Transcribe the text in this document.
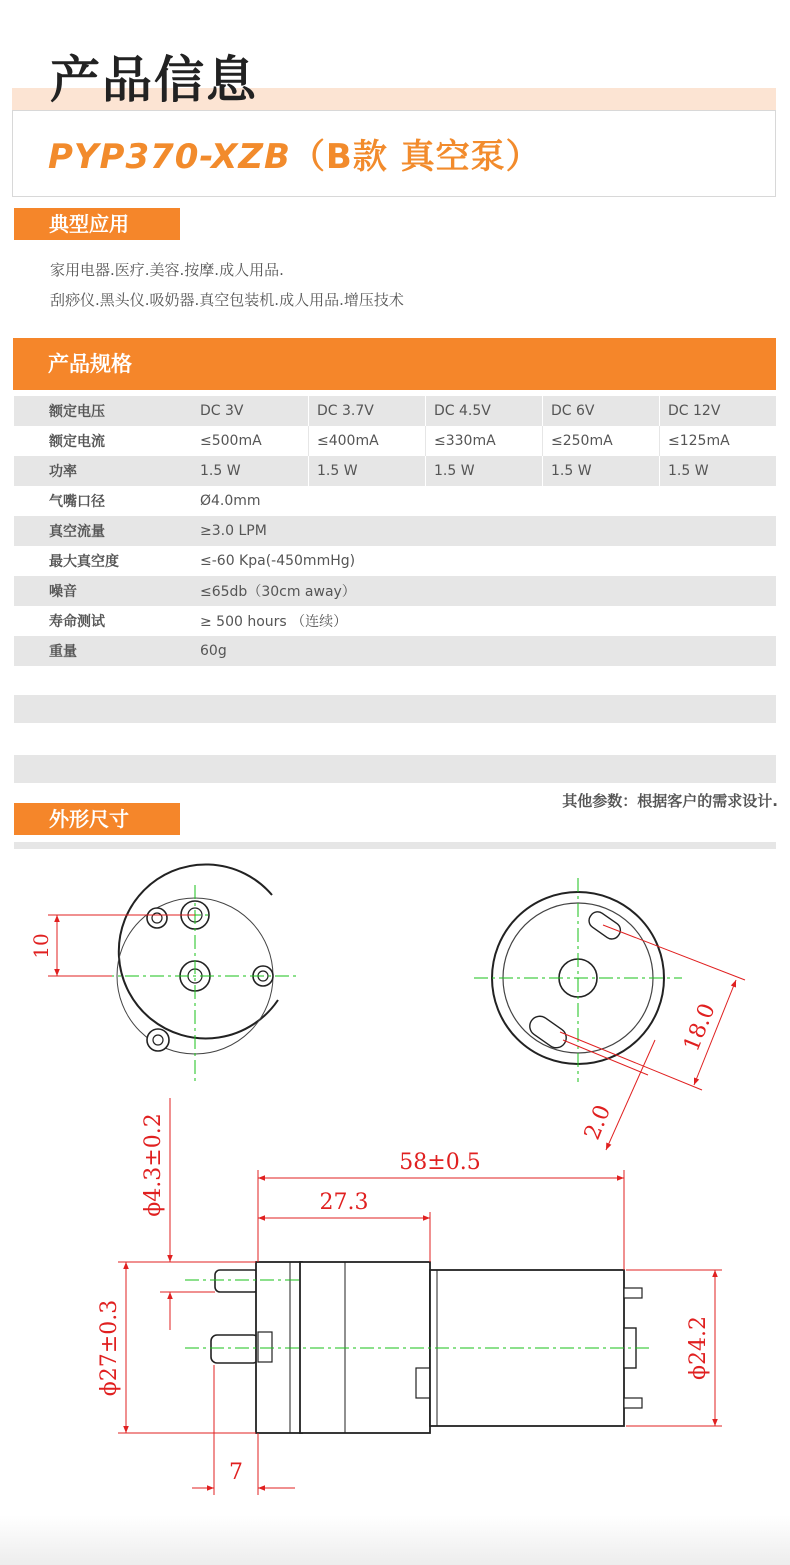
产品信息
PYP370-XZB（B款 真空泵）
典型应用
家用电器.医疗.美容.按摩.成人用品.
刮痧仪.黑头仪.吸奶器.真空包装机.成人用品.增压技术
产品规格
额定电压	DC 3V	DC 3.7V	DC 4.5V	DC 6V	DC 12V
额定电流	≤500mA	≤400mA	≤330mA	≤250mA	≤125mA
功率	1.5 W	1.5 W	1.5 W	1.5 W	1.5 W
气嘴口径	Ø4.0mm				
真空流量	≥3.0 LPM				
最大真空度	≤-60 Kpa(-450mmHg)				
噪音	≤65db（30cm away）				
寿命测试	≥ 500 hours （连续）				
重量	60g				
其他参数：根据客户的需求设计.
外形尺寸
10
18.0
2.0
58±0.5
27.3
ϕ27±0.3
ϕ4.3±0.2
ϕ24.2
7
